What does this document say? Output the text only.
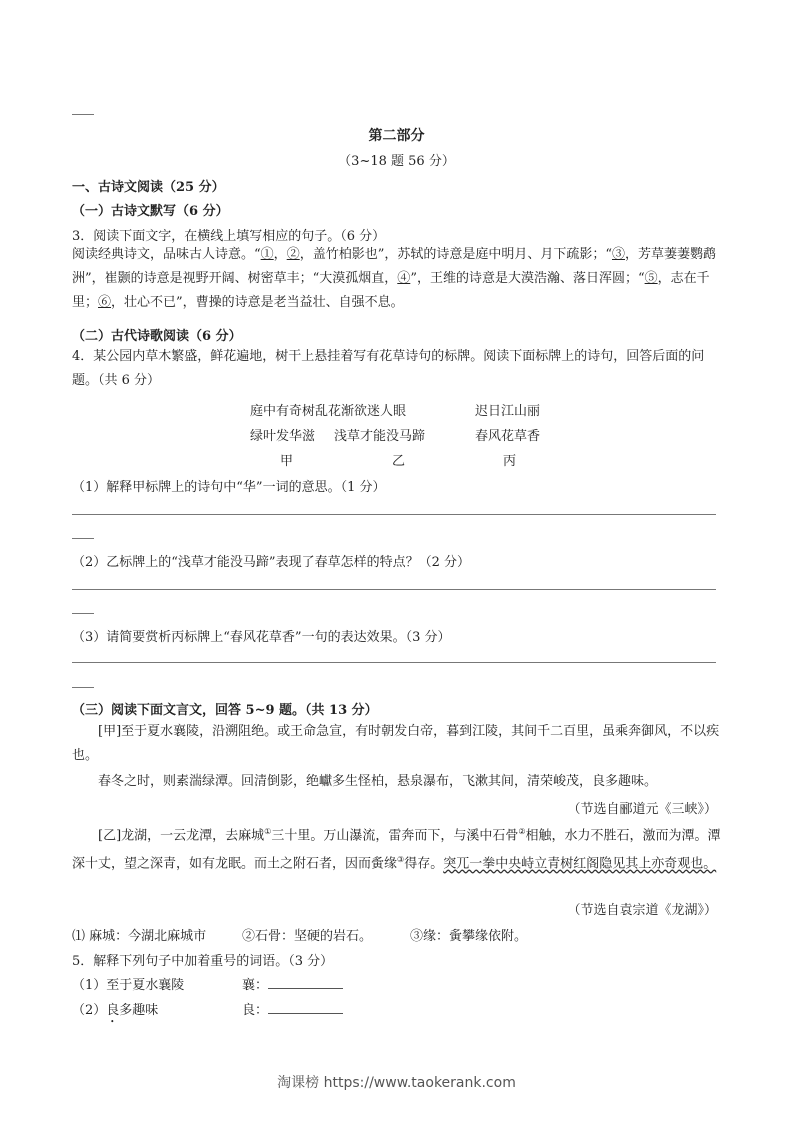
第二部分
（3~18 题 56 分）
一、古诗文阅读（25 分）
（一）古诗文默写（6 分）
3．阅读下面文字，在横线上填写相应的句子。（6 分）
阅读经典诗文，品味古人诗意。“①，②，盖竹柏影也”，苏轼的诗意是庭中明月、月下疏影；“③，芳草萋萋鹦鹉洲”，崔颢的诗意是视野开阔、树密草丰；“大漠孤烟直，④”，王维的诗意是大漠浩瀚、落日浑圆；“⑤，志在千里；⑥，壮心不已”，曹操的诗意是老当益壮、自强不息。
（二）古代诗歌阅读（6 分）
4．某公园内草木繁盛，鲜花遍地，树干上悬挂着写有花草诗句的标牌。阅读下面标牌上的诗句，回答后面的问题。（共 6 分）
庭中有奇树乱花渐欲迷人眼	迟日江山丽
绿叶发华滋 浅草才能没马蹄	春风花草香
甲	乙	丙
（1）解释甲标牌上的诗句中“华”一词的意思。（1 分）
（2）乙标牌上的“浅草才能没马蹄”表现了春草怎样的特点？（2 分）
（3）请简要赏析丙标牌上“春风花草香”一句的表达效果。（3 分）
（三）阅读下面文言文，回答 5~9 题。（共 13 分）
[甲]至于夏水襄陵，沿溯阻绝。或王命急宣，有时朝发白帝，暮到江陵，其间千二百里，虽乘奔御风，不以疾也。
春冬之时，则素湍绿潭。回清倒影，绝巘多生怪柏，悬泉瀑布，飞漱其间，清荣峻茂，良多趣味。
（节选自郦道元《三峡》）
[乙]龙湖，一云龙潭，去麻城①三十里。万山瀑流，雷奔而下，与溪中石骨②相触，水力不胜石，激而为潭。潭深十丈，望之深青，如有龙眠。而土之附石者，因而夤缘③得存。突兀一拳中央峙立青树红阁隐见其上亦奇观也。
（节选自袁宗道《龙湖》）
⑴ 麻城：今湖北麻城市	②石骨：坚硬的岩石。	③缘：夤攀缘依附。
5．解释下列句子中加着重号的词语。（3 分）
（1）至于夏水襄陵	襄：
（2）良多趣味	良：
淘课榜 https://www.taokerank.com
